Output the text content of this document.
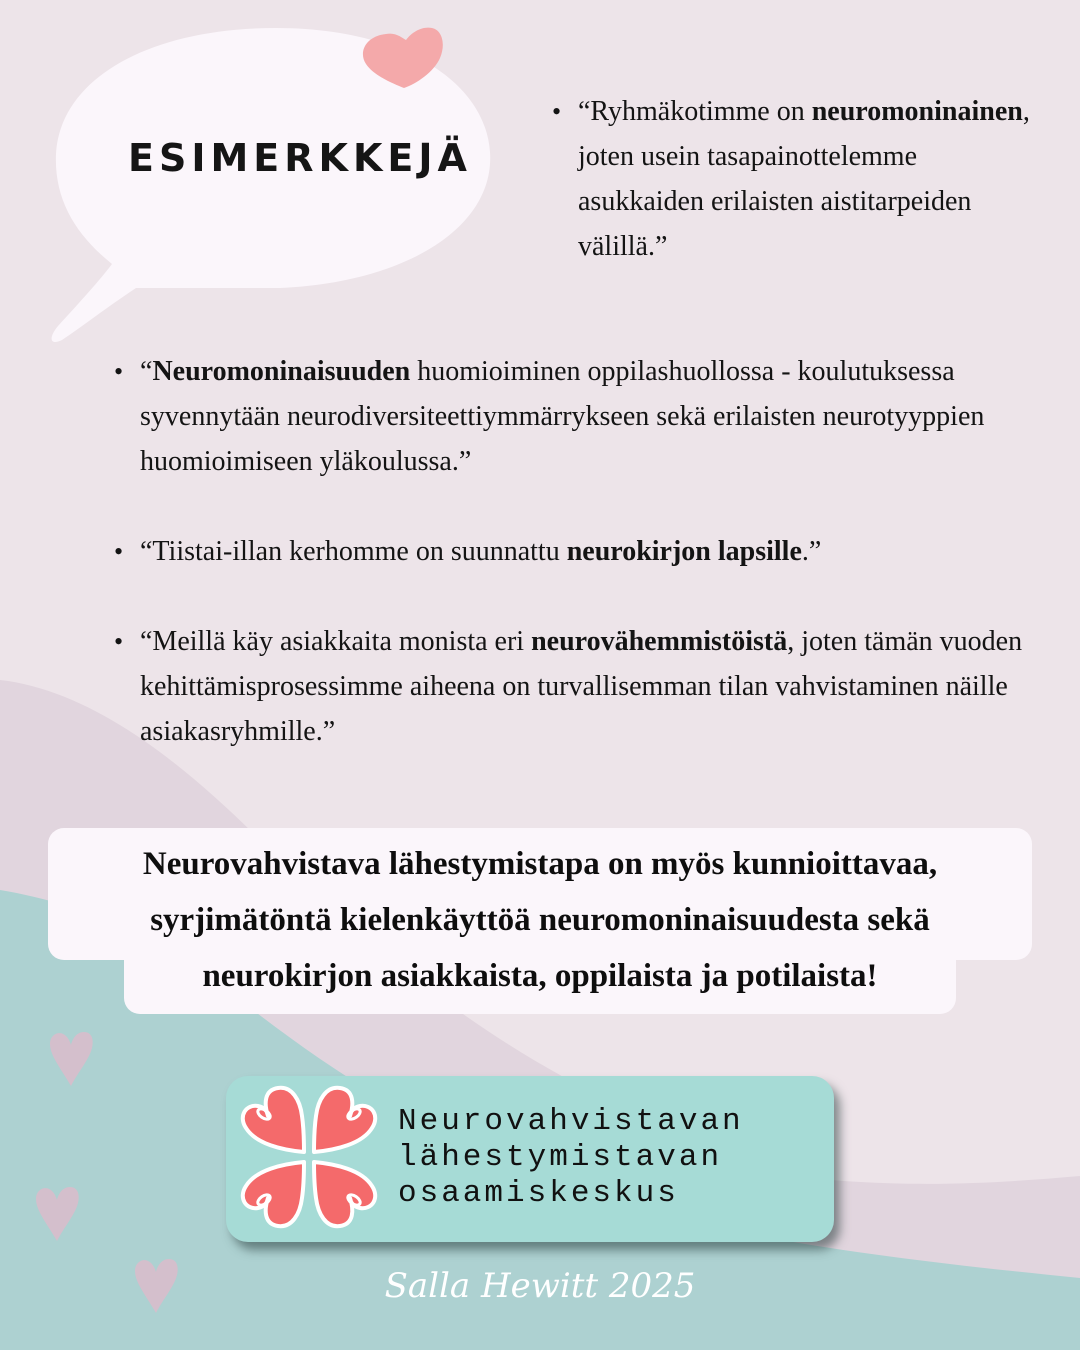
ESIMERKKEJÄ
• “Ryhmäkotimme on neuromoninainen, joten usein tasapainottelemme asukkaiden erilaisten aistitarpeiden välillä.”
• “Neuromoninaisuuden huomioiminen oppilashuollossa - koulutuksessa syvennytään neurodiversiteettiymmärrykseen sekä erilaisten neurotyyppien huomioimiseen yläkoulussa.”
• “Tiistai-illan kerhomme on suunnattu neurokirjon lapsille.”
• “Meillä käy asiakkaita monista eri neurovähemmistöistä, joten tämän vuoden kehittämisprosessimme aiheena on turvallisemman tilan vahvistaminen näille asiakasryhmille.”
Neurovahvistava lähestymistapa on myös kunnioittavaa,
syrjimätöntä kielenkäyttöä neuromoninaisuudesta sekä
neurokirjon asiakkaista, oppilaista ja potilaista!
Neurovahvistavan
lähestymistavan
osaamiskeskus
Salla Hewitt 2025
